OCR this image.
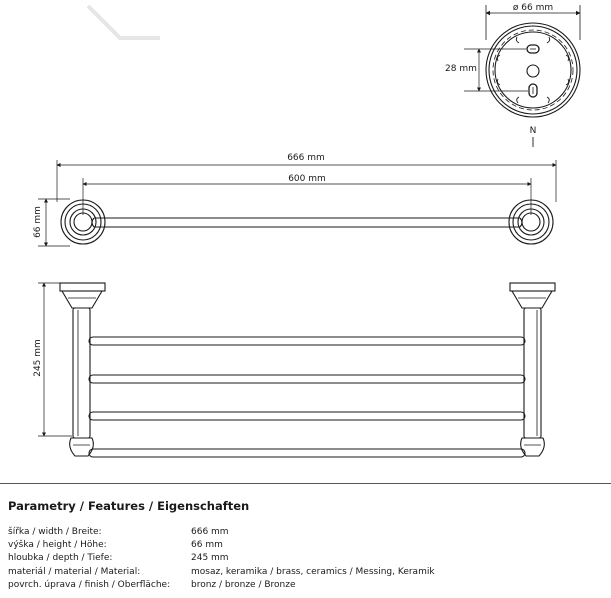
ø 66 mm
28 mm
N
666 mm
600 mm
66 mm
245 mm
Parametry / Features / Eigenschaften
šířka / width / Breite:	666 mm
výška / height / Höhe:	66 mm
hloubka / depth / Tiefe:	245 mm
materiál / material / Material:	mosaz, keramika / brass, ceramics / Messing, Keramik
povrch. úprava / finish / Oberfläche: bronz / bronze / Bronze
